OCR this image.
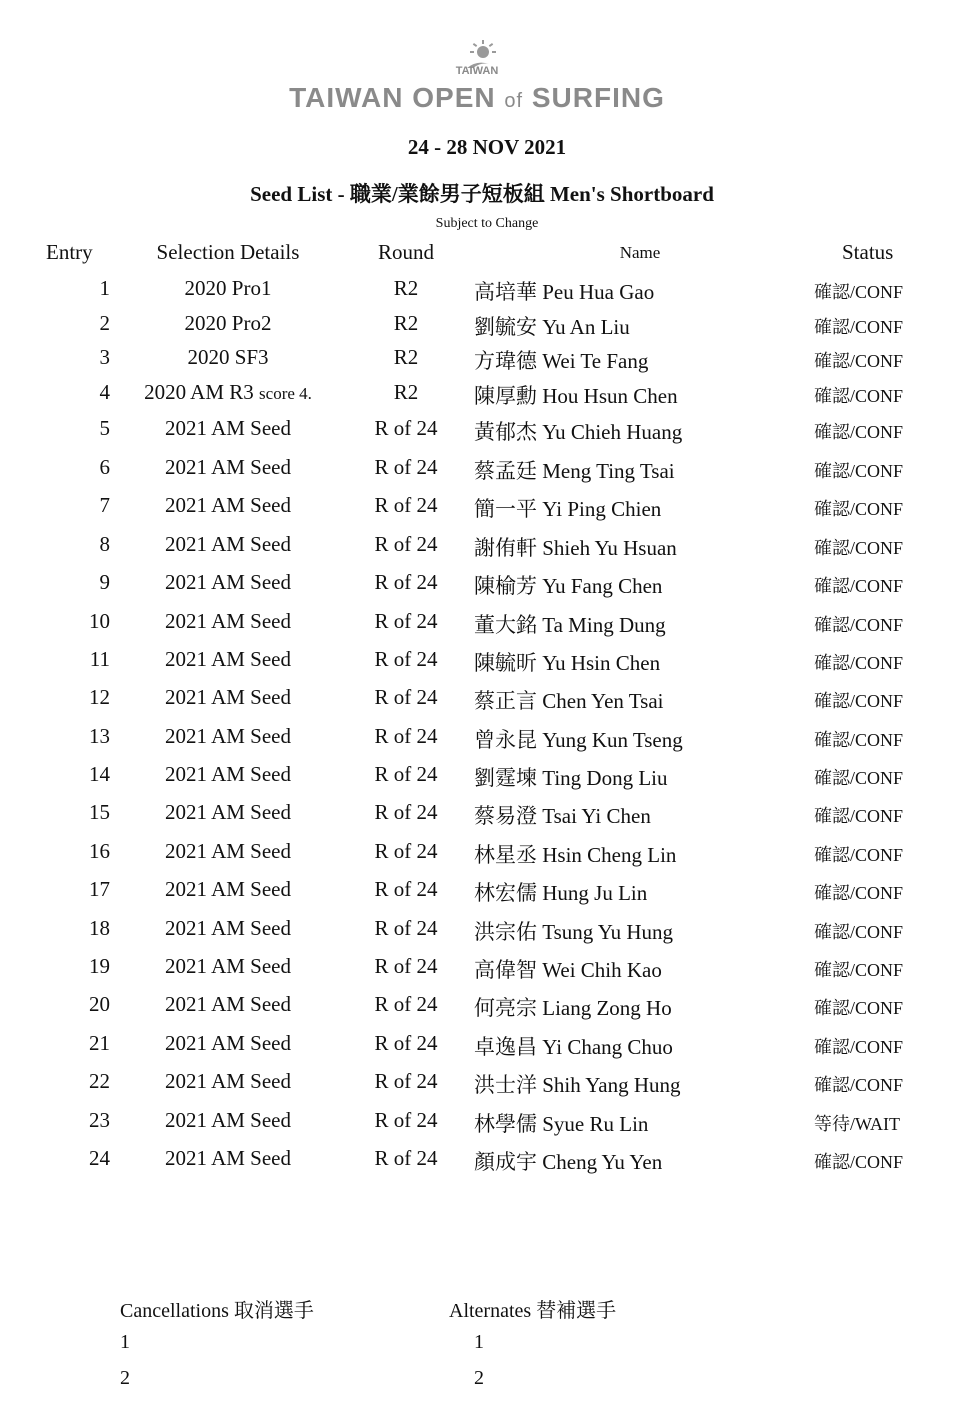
TAIWAN
TAIWAN OPEN of SURFING
24 - 28 NOV 2021
Seed List - 職業/業餘男子短板組 Men's Shortboard
Subject to Change
Entry	Selection Details	Round	Name	Status
1	2020 Pro1	R2	高培華 Peu Hua Gao	確認/CONF
2	2020 Pro2	R2	劉毓安 Yu An Liu	確認/CONF
3	2020 SF3	R2	方瑋德 Wei Te Fang	確認/CONF
4	2020 AM R3 score 4.	R2	陳厚勳 Hou Hsun Chen	確認/CONF
5	2021 AM Seed	R of 24	黃郁杰 Yu Chieh Huang	確認/CONF
6	2021 AM Seed	R of 24	蔡孟廷 Meng Ting Tsai	確認/CONF
7	2021 AM Seed	R of 24	簡一平 Yi Ping Chien	確認/CONF
8	2021 AM Seed	R of 24	謝侑軒 Shieh Yu Hsuan	確認/CONF
9	2021 AM Seed	R of 24	陳榆芳 Yu Fang Chen	確認/CONF
10	2021 AM Seed	R of 24	董大銘 Ta Ming Dung	確認/CONF
11	2021 AM Seed	R of 24	陳毓昕 Yu Hsin Chen	確認/CONF
12	2021 AM Seed	R of 24	蔡正言 Chen Yen Tsai	確認/CONF
13	2021 AM Seed	R of 24	曾永昆 Yung Kun Tseng	確認/CONF
14	2021 AM Seed	R of 24	劉霆堜 Ting Dong Liu	確認/CONF
15	2021 AM Seed	R of 24	蔡易澄 Tsai Yi Chen	確認/CONF
16	2021 AM Seed	R of 24	林星丞 Hsin Cheng Lin	確認/CONF
17	2021 AM Seed	R of 24	林宏儒 Hung Ju Lin	確認/CONF
18	2021 AM Seed	R of 24	洪宗佑 Tsung Yu Hung	確認/CONF
19	2021 AM Seed	R of 24	高偉智 Wei Chih Kao	確認/CONF
20	2021 AM Seed	R of 24	何亮宗 Liang Zong Ho	確認/CONF
21	2021 AM Seed	R of 24	卓逸昌 Yi Chang Chuo	確認/CONF
22	2021 AM Seed	R of 24	洪士洋 Shih Yang Hung	確認/CONF
23	2021 AM Seed	R of 24	林學儒 Syue Ru Lin	等待/WAIT
24	2021 AM Seed	R of 24	顏成宇 Cheng Yu Yen	確認/CONF
Cancellations 取消選手
1
2
Alternates 替補選手
1
2
